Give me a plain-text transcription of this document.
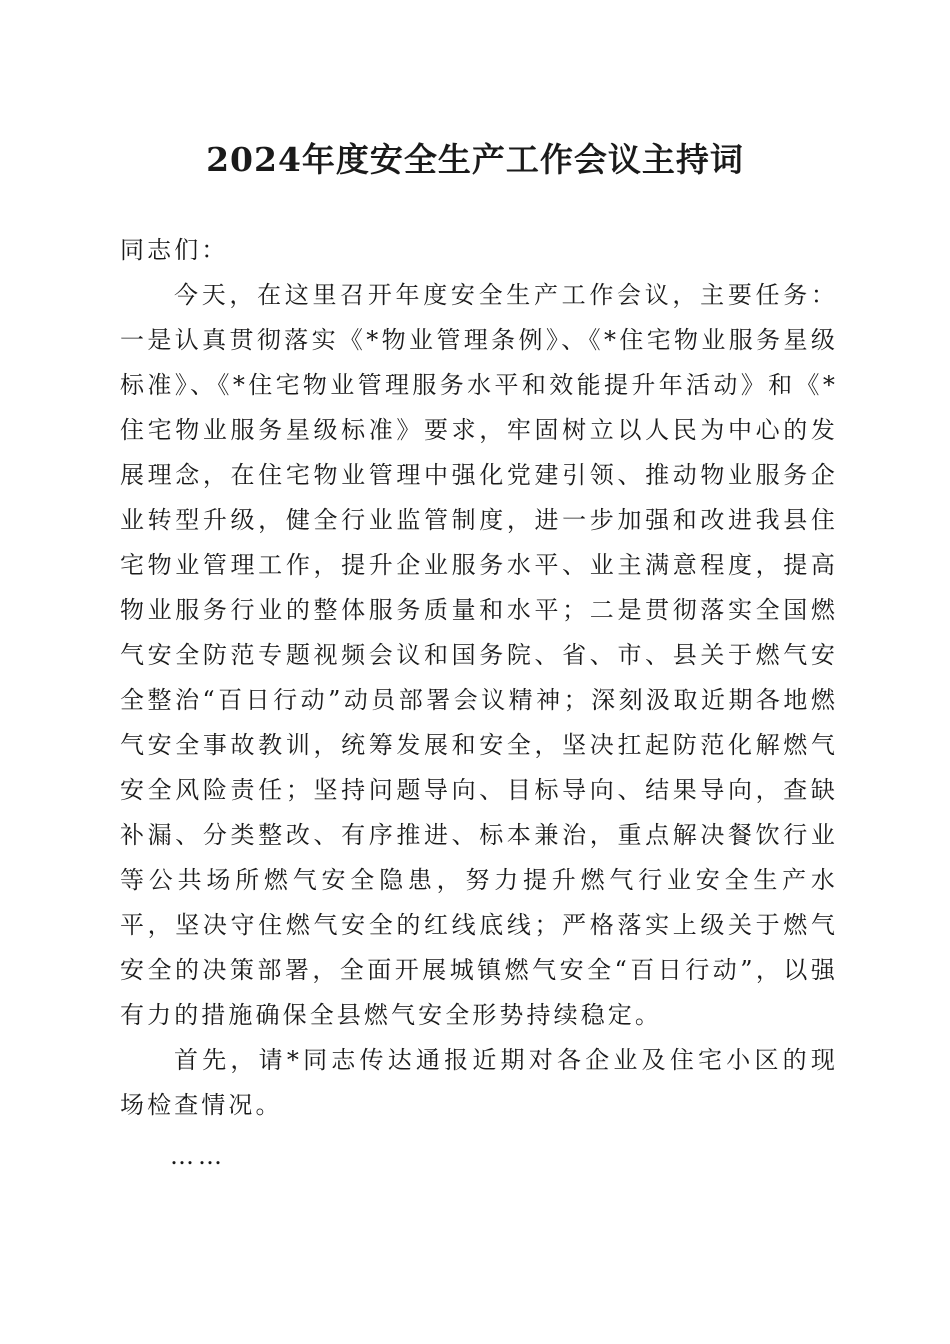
2024年度安全生产工作会议主持词

同志们：

今天，在这里召开年度安全生产工作会议，主要任务：一是认真贯彻落实《*物业管理条例》、《*住宅物业服务星级标准》、《*住宅物业管理服务水平和效能提升年活动》和《*住宅物业服务星级标准》要求，牢固树立以人民为中心的发展理念，在住宅物业管理中强化党建引领、推动物业服务企业转型升级，健全行业监管制度，进一步加强和改进我县住宅物业管理工作，提升企业服务水平、业主满意程度，提高物业服务行业的整体服务质量和水平；二是贯彻落实全国燃气安全防范专题视频会议和国务院、省、市、县关于燃气安全整治“百日行动”动员部署会议精神；深刻汲取近期各地燃气安全事故教训，统筹发展和安全，坚决扛起防范化解燃气安全风险责任；坚持问题导向、目标导向、结果导向，查缺补漏、分类整改、有序推进、标本兼治，重点解决餐饮行业等公共场所燃气安全隐患，努力提升燃气行业安全生产水平，坚决守住燃气安全的红线底线；严格落实上级关于燃气安全的决策部署，全面开展城镇燃气安全“百日行动”，以强有力的措施确保全县燃气安全形势持续稳定。

首先，请*同志传达通报近期对各企业及住宅小区的现场检查情况。

……
